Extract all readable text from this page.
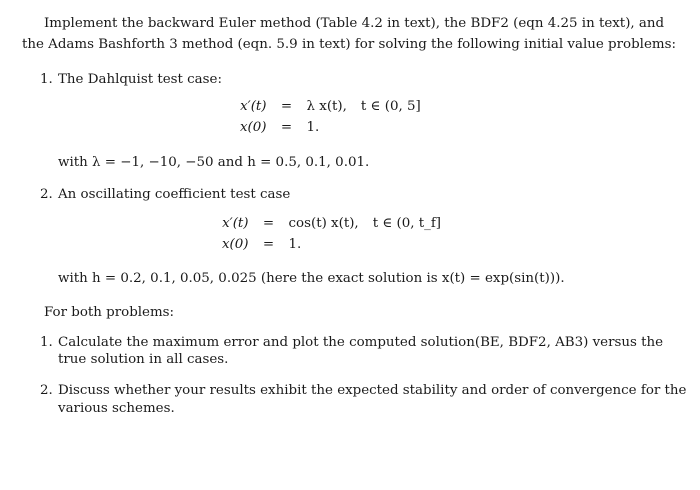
Implement the backward Euler method (Table 4.2 in text), the BDF2 (eqn 4.25 in text), and
the Adams Bashforth 3 method (eqn. 5.9 in text) for solving the following initial value problems:
1. The Dahlquist test case:
x′(t)	=	λ x(t),	t ∈ (0, 5]
x(0)	=	1.	
with λ = −1, −10, −50 and h = 0.5, 0.1, 0.01.
2. An oscillating coefficient test case
x′(t)	=	cos(t) x(t),	t ∈ (0, t_f]
x(0)	=	1.	
with h = 0.2, 0.1, 0.05, 0.025 (here the exact solution is x(t) = exp(sin(t))).
For both problems:
1. Calculate the maximum error and plot the computed solution(BE, BDF2, AB3) versus the
true solution in all cases.
2. Discuss whether your results exhibit the expected stability and order of convergence for the
various schemes.
